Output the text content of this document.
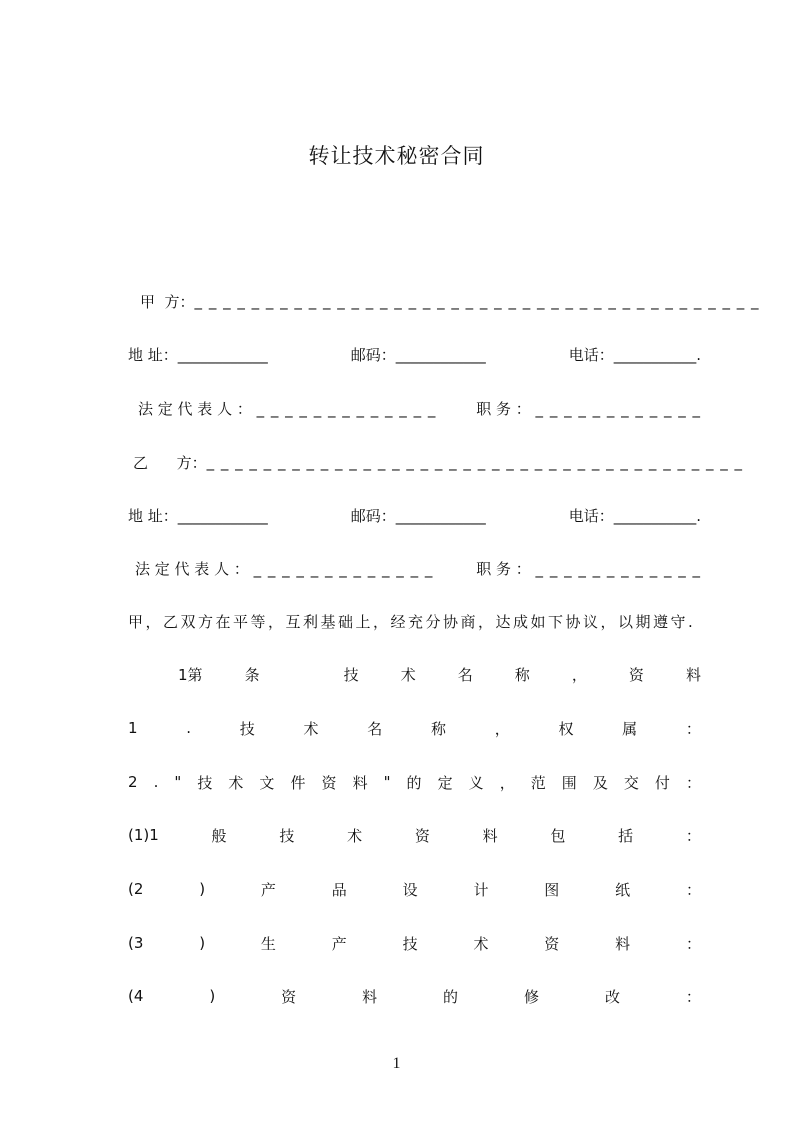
转让技术秘密合同
甲  方： _ _ _ _ _ _ _ _ _ _ _ _ _ _ _ _ _ _ _ _ _ _ _ _ _ _ _ _ _ _ _ _ _ _ _ _ _ _ _ _
地 址：____________	邮码：____________	电话：___________.
法 定 代 表 人 ： _ _ _ _ _ _ _ _ _ _ _ _ _	职 务 ： _ _ _ _ _ _ _ _ _ _ _ _
乙      方： _ _ _ _ _ _ _ _ _ _ _ _ _ _ _ _ _ _ _ _ _ _ _ _ _ _ _ _ _ _ _ _ _ _ _ _ _ _
地 址：____________	邮码：____________	电话：___________.
法 定 代 表 人 ： _ _ _ _ _ _ _ _ _ _ _ _ _	职 务 ： _ _ _ _ _ _ _ _ _ _ _ _
甲，乙双方在平等，互利基础上，经充分协商，达成如下协议，以期遵守.
1第	条	技	术	名	称	，	资	料
1	.	技	术	名	称	，	权	属	：
2 . " 技 术 文 件 资 料 " 的 定 义 ， 范 围 及 交 付 ：
(1)1	般	技	术	资	料	包	括	：
(2	)	产	品	设	计	图	纸	：
(3	)	生	产	技	术	资	料	：
(4	)	资	料	的	修	改	：
1
